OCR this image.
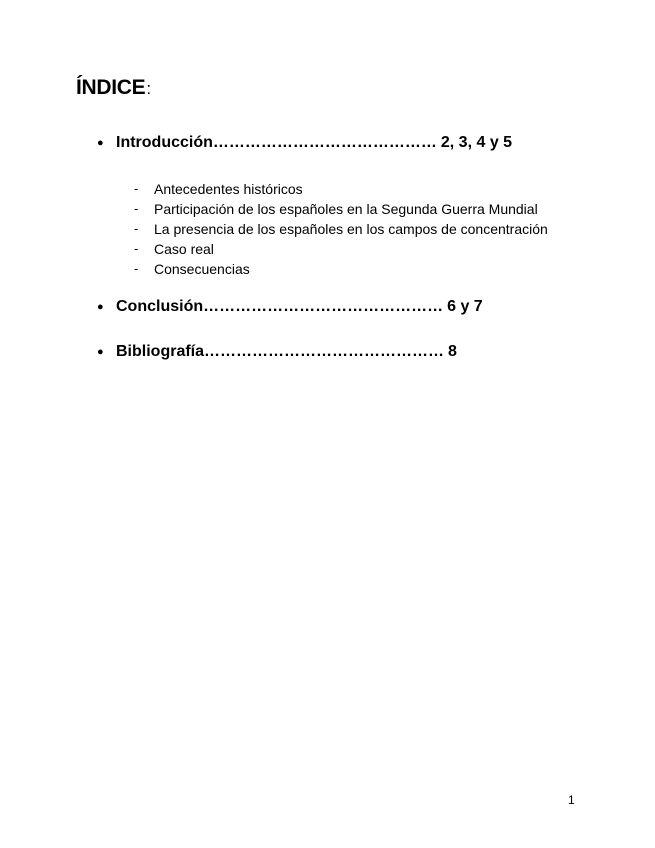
ÍNDICE:
● Introducción…………………………………… 2, 3, 4 y 5
-	Antecedentes históricos
-	Participación de los españoles en la Segunda Guerra Mundial
-	La presencia de los españoles en los campos de concentración
-	Caso real
-	Consecuencias
● Conclusión……………………………………… 6 y 7
● Bibliografía……………………………………… 8
1
